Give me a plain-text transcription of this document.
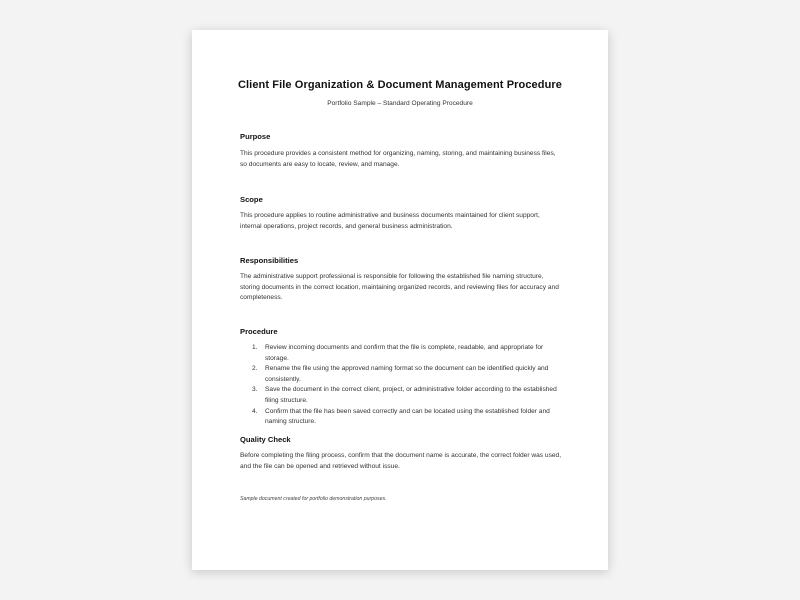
Client File Organization & Document Management Procedure
Portfolio Sample – Standard Operating Procedure
Purpose
This procedure provides a consistent method for organizing, naming, storing, and maintaining business files, so documents are easy to locate, review, and manage.
Scope
This procedure applies to routine administrative and business documents maintained for client support, internal operations, project records, and general business administration.
Responsibilities
The administrative support professional is responsible for following the established file naming structure, storing documents in the correct location, maintaining organized records, and reviewing files for accuracy and completeness.
Procedure
1. Review incoming documents and confirm that the file is complete, readable, and appropriate for storage.
2. Rename the file using the approved naming format so the document can be identified quickly and consistently.
3. Save the document in the correct client, project, or administrative folder according to the established filing structure.
4. Confirm that the file has been saved correctly and can be located using the established folder and naming structure.
Quality Check
Before completing the filing process, confirm that the document name is accurate, the correct folder was used, and the file can be opened and retrieved without issue.
Sample document created for portfolio demonstration purposes.
